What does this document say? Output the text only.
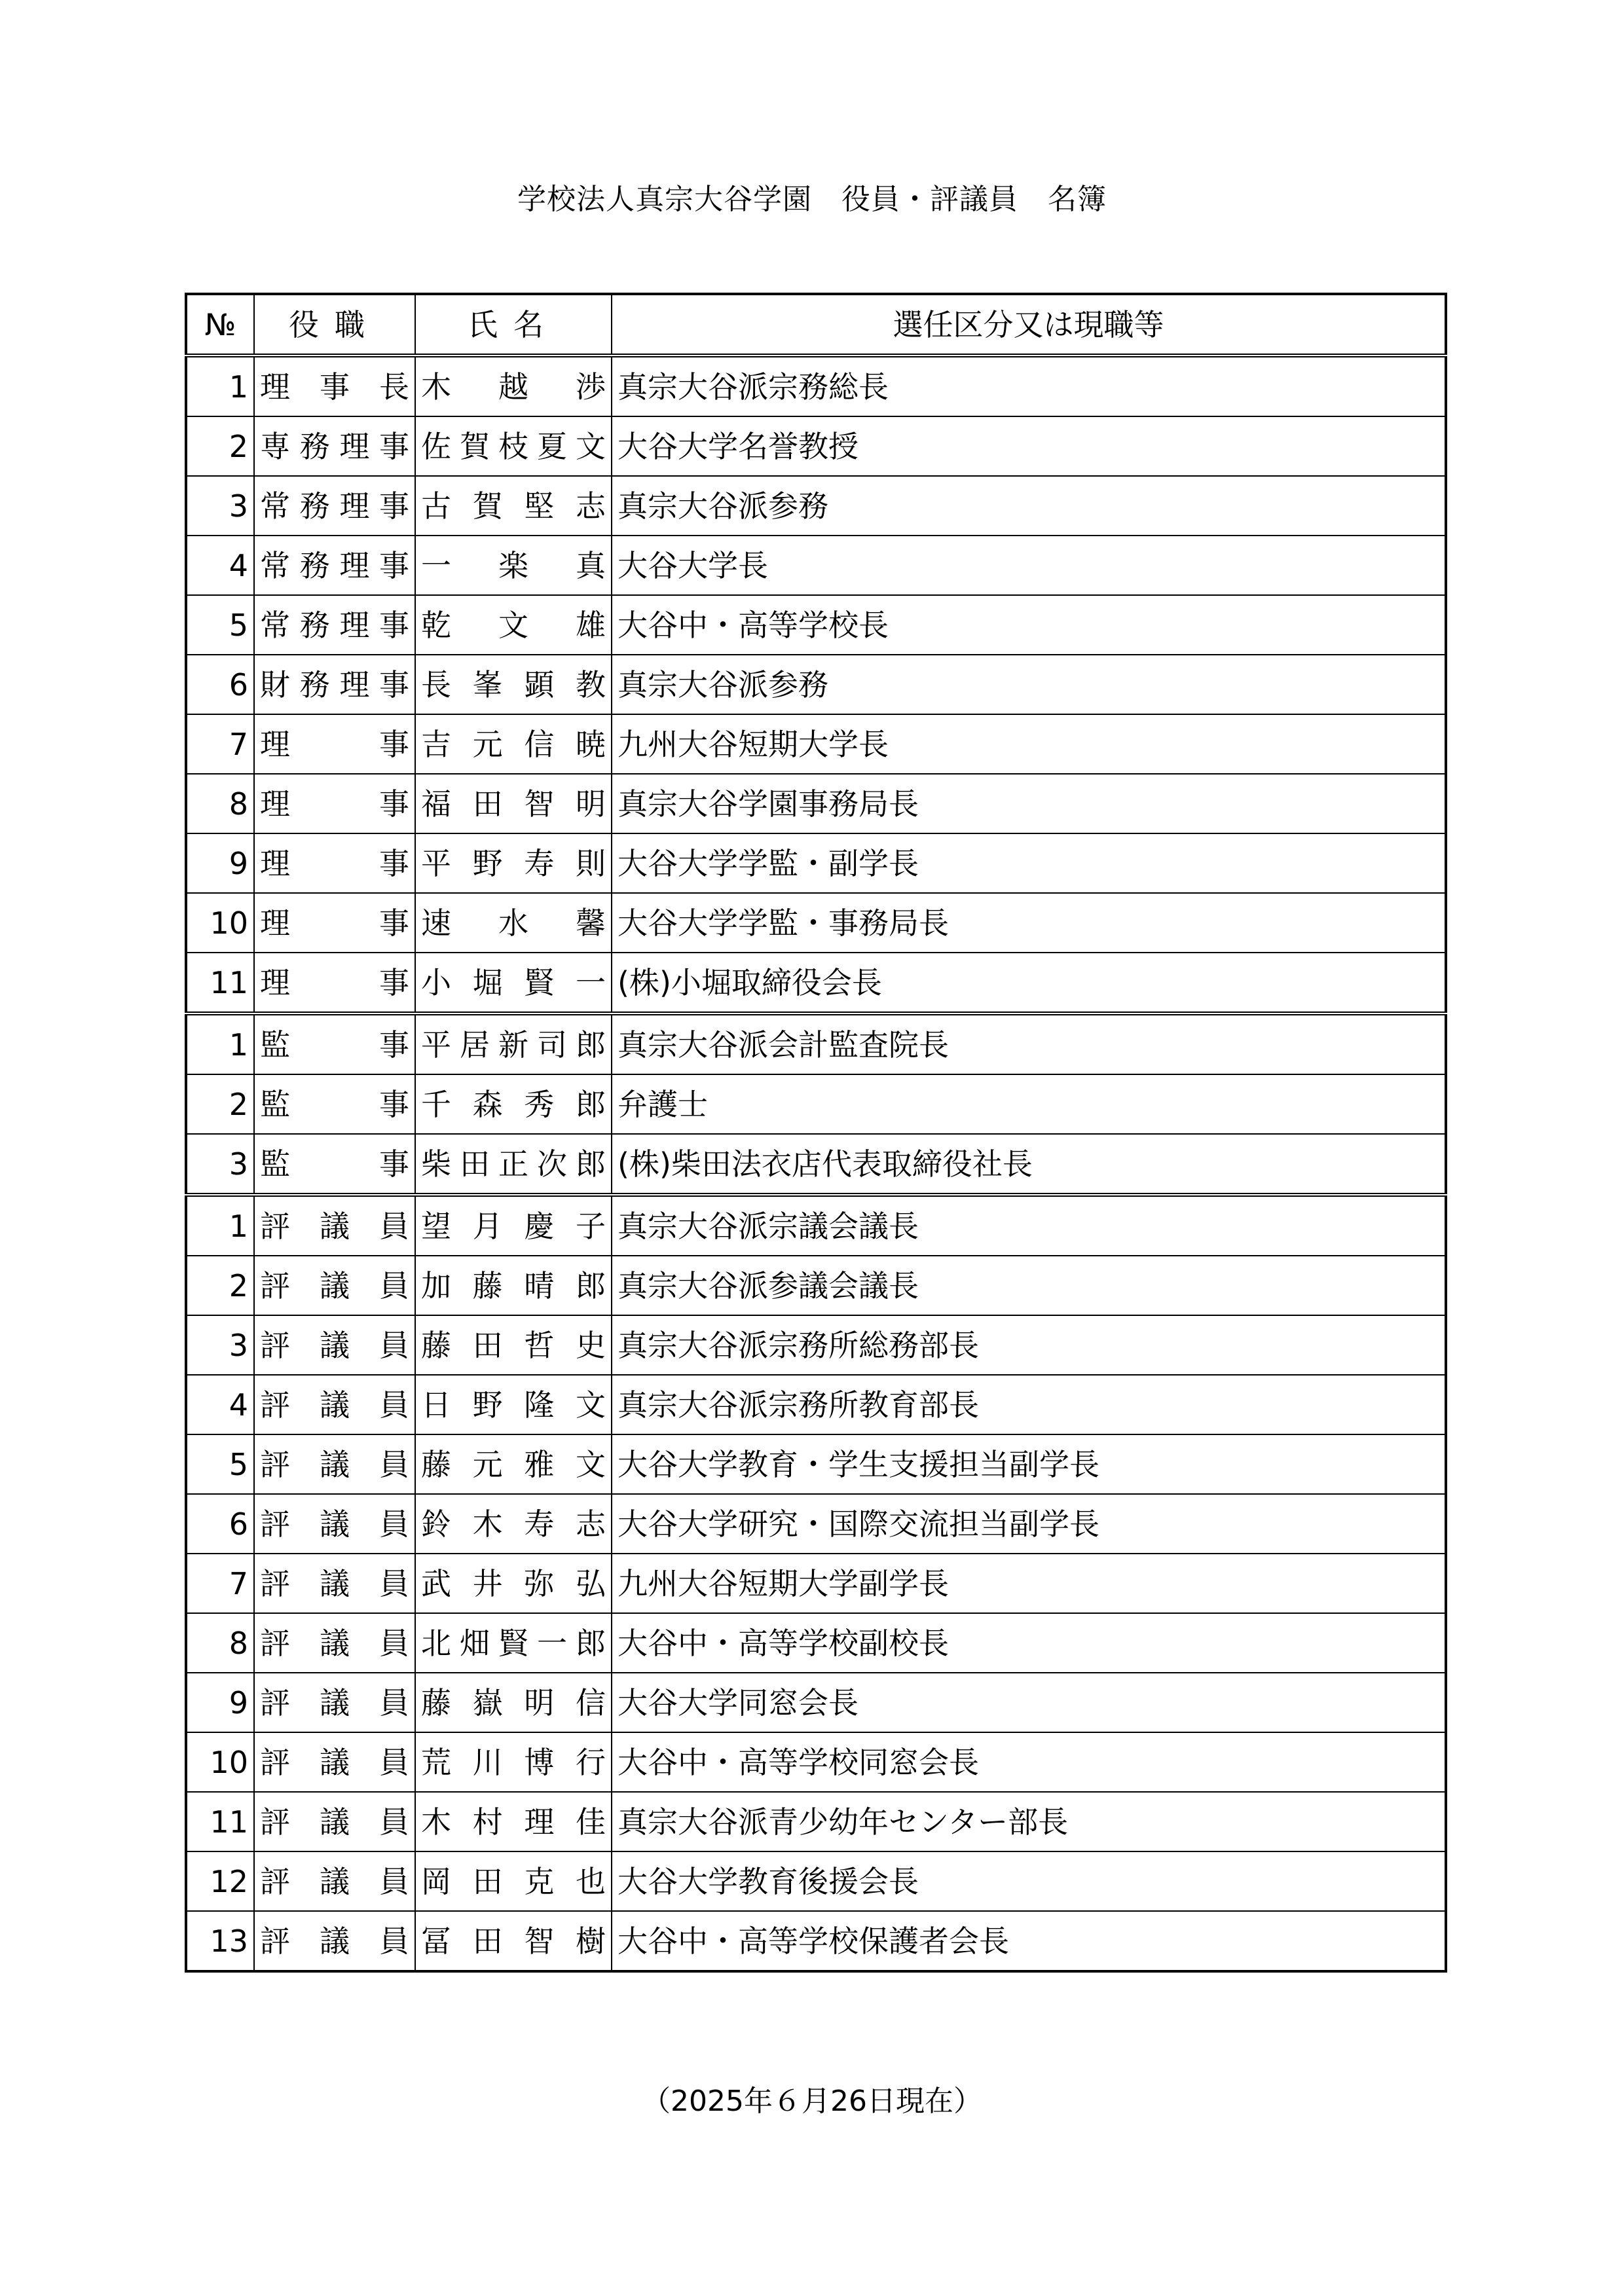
学校法人真宗大谷学園　役員・評議員　名簿
№	役職	氏名	選任区分又は現職等
1	理事長	木越渉	真宗大谷派宗務総長
2	専務理事	佐賀枝夏文	大谷大学名誉教授
3	常務理事	古賀堅志	真宗大谷派参務
4	常務理事	一楽真	大谷大学長
5	常務理事	乾文雄	大谷中・高等学校長
6	財務理事	長峯顕教	真宗大谷派参務
7	理事	吉元信暁	九州大谷短期大学長
8	理事	福田智明	真宗大谷学園事務局長
9	理事	平野寿則	大谷大学学監・副学長
10	理事	速水馨	大谷大学学監・事務局長
11	理事	小堀賢一	(株)小堀取締役会長
1	監事	平居新司郎	真宗大谷派会計監査院長
2	監事	千森秀郎	弁護士
3	監事	柴田正次郎	(株)柴田法衣店代表取締役社長
1	評議員	望月慶子	真宗大谷派宗議会議長
2	評議員	加藤晴郎	真宗大谷派参議会議長
3	評議員	藤田哲史	真宗大谷派宗務所総務部長
4	評議員	日野隆文	真宗大谷派宗務所教育部長
5	評議員	藤元雅文	大谷大学教育・学生支援担当副学長
6	評議員	鈴木寿志	大谷大学研究・国際交流担当副学長
7	評議員	武井弥弘	九州大谷短期大学副学長
8	評議員	北畑賢一郎	大谷中・高等学校副校長
9	評議員	藤嶽明信	大谷大学同窓会長
10	評議員	荒川博行	大谷中・高等学校同窓会長
11	評議員	木村理佳	真宗大谷派青少幼年センター部長
12	評議員	岡田克也	大谷大学教育後援会長
13	評議員	冨田智樹	大谷中・高等学校保護者会長
（2025年６月26日現在）
